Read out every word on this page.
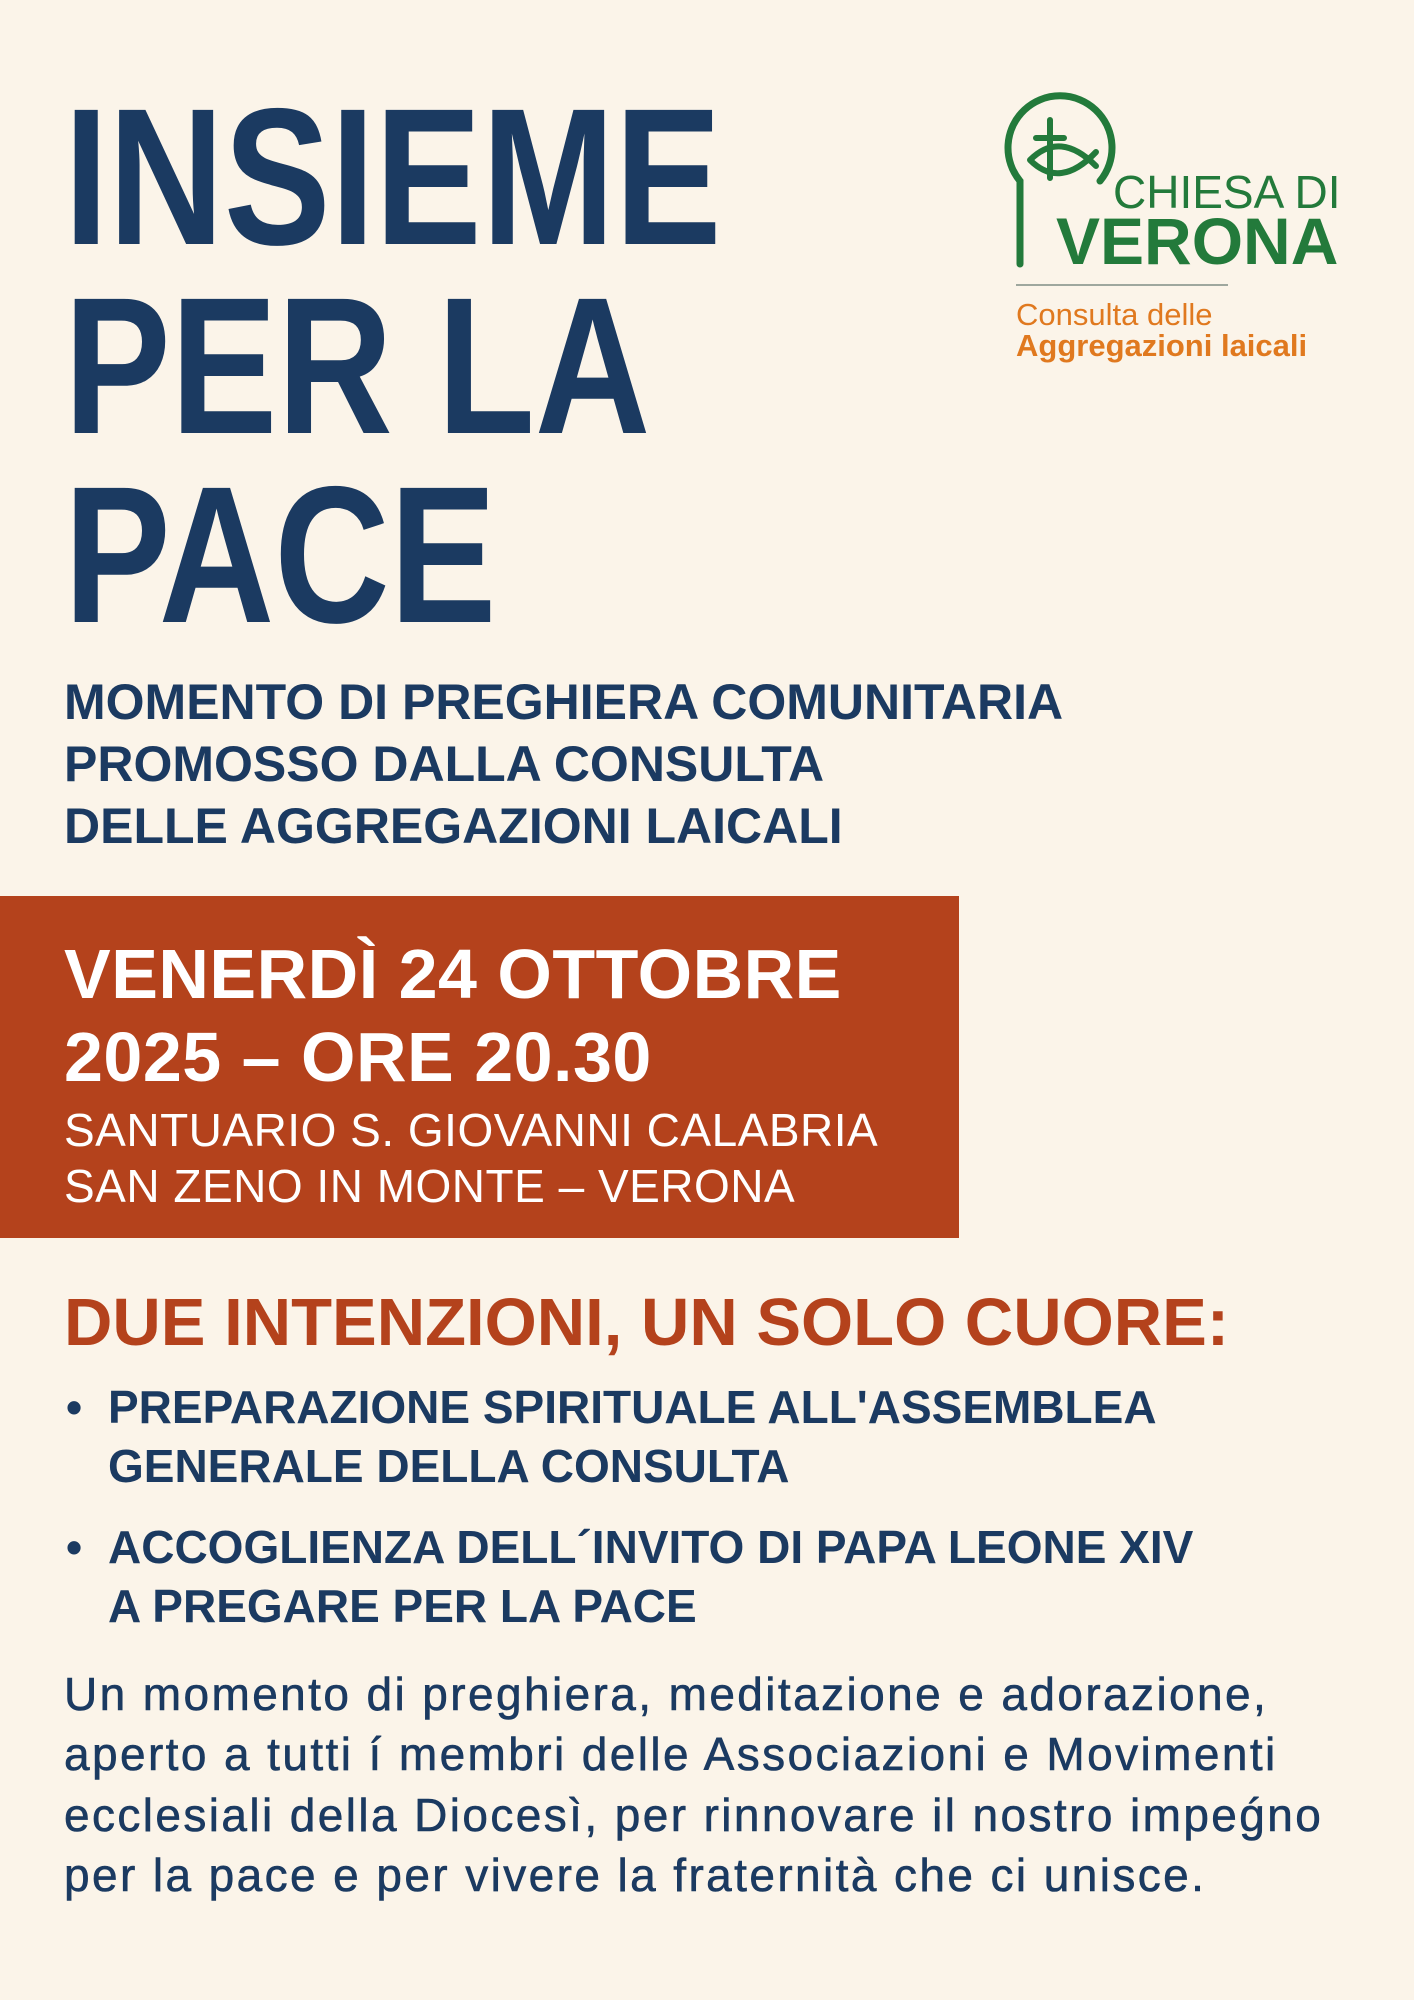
CHIESA DI
VERONA
Consulta delle
Aggregazioni laicali
INSIEME
PER LA
PACE
MOMENTO DI PREGHIERA COMUNITARIA
PROMOSSO DALLA CONSULTA
DELLE AGGREGAZIONI LAICALI
VENERDÌ 24 OTTOBRE
2025 – ORE 20.30
SANTUARIO S. GIOVANNI CALABRIA
SAN ZENO IN MONTE – VERONA
DUE INTENZIONI, UN SOLO CUORE:
• PREPARAZIONE SPIRITUALE ALL'ASSEMBLEA
GENERALE DELLA CONSULTA
• ACCOGLIENZA DELL´INVITO DI PAPA LEONE XIV
A PREGARE PER LA PACE
Un momento di preghiera, meditazione e adorazione,
aperto a tutti í membri delle Associazioni e Movimenti
ecclesiali della Diocesì, per rinnovare il nostro impeǵno
per la pace e per vivere la fraternità che ci unisce.
